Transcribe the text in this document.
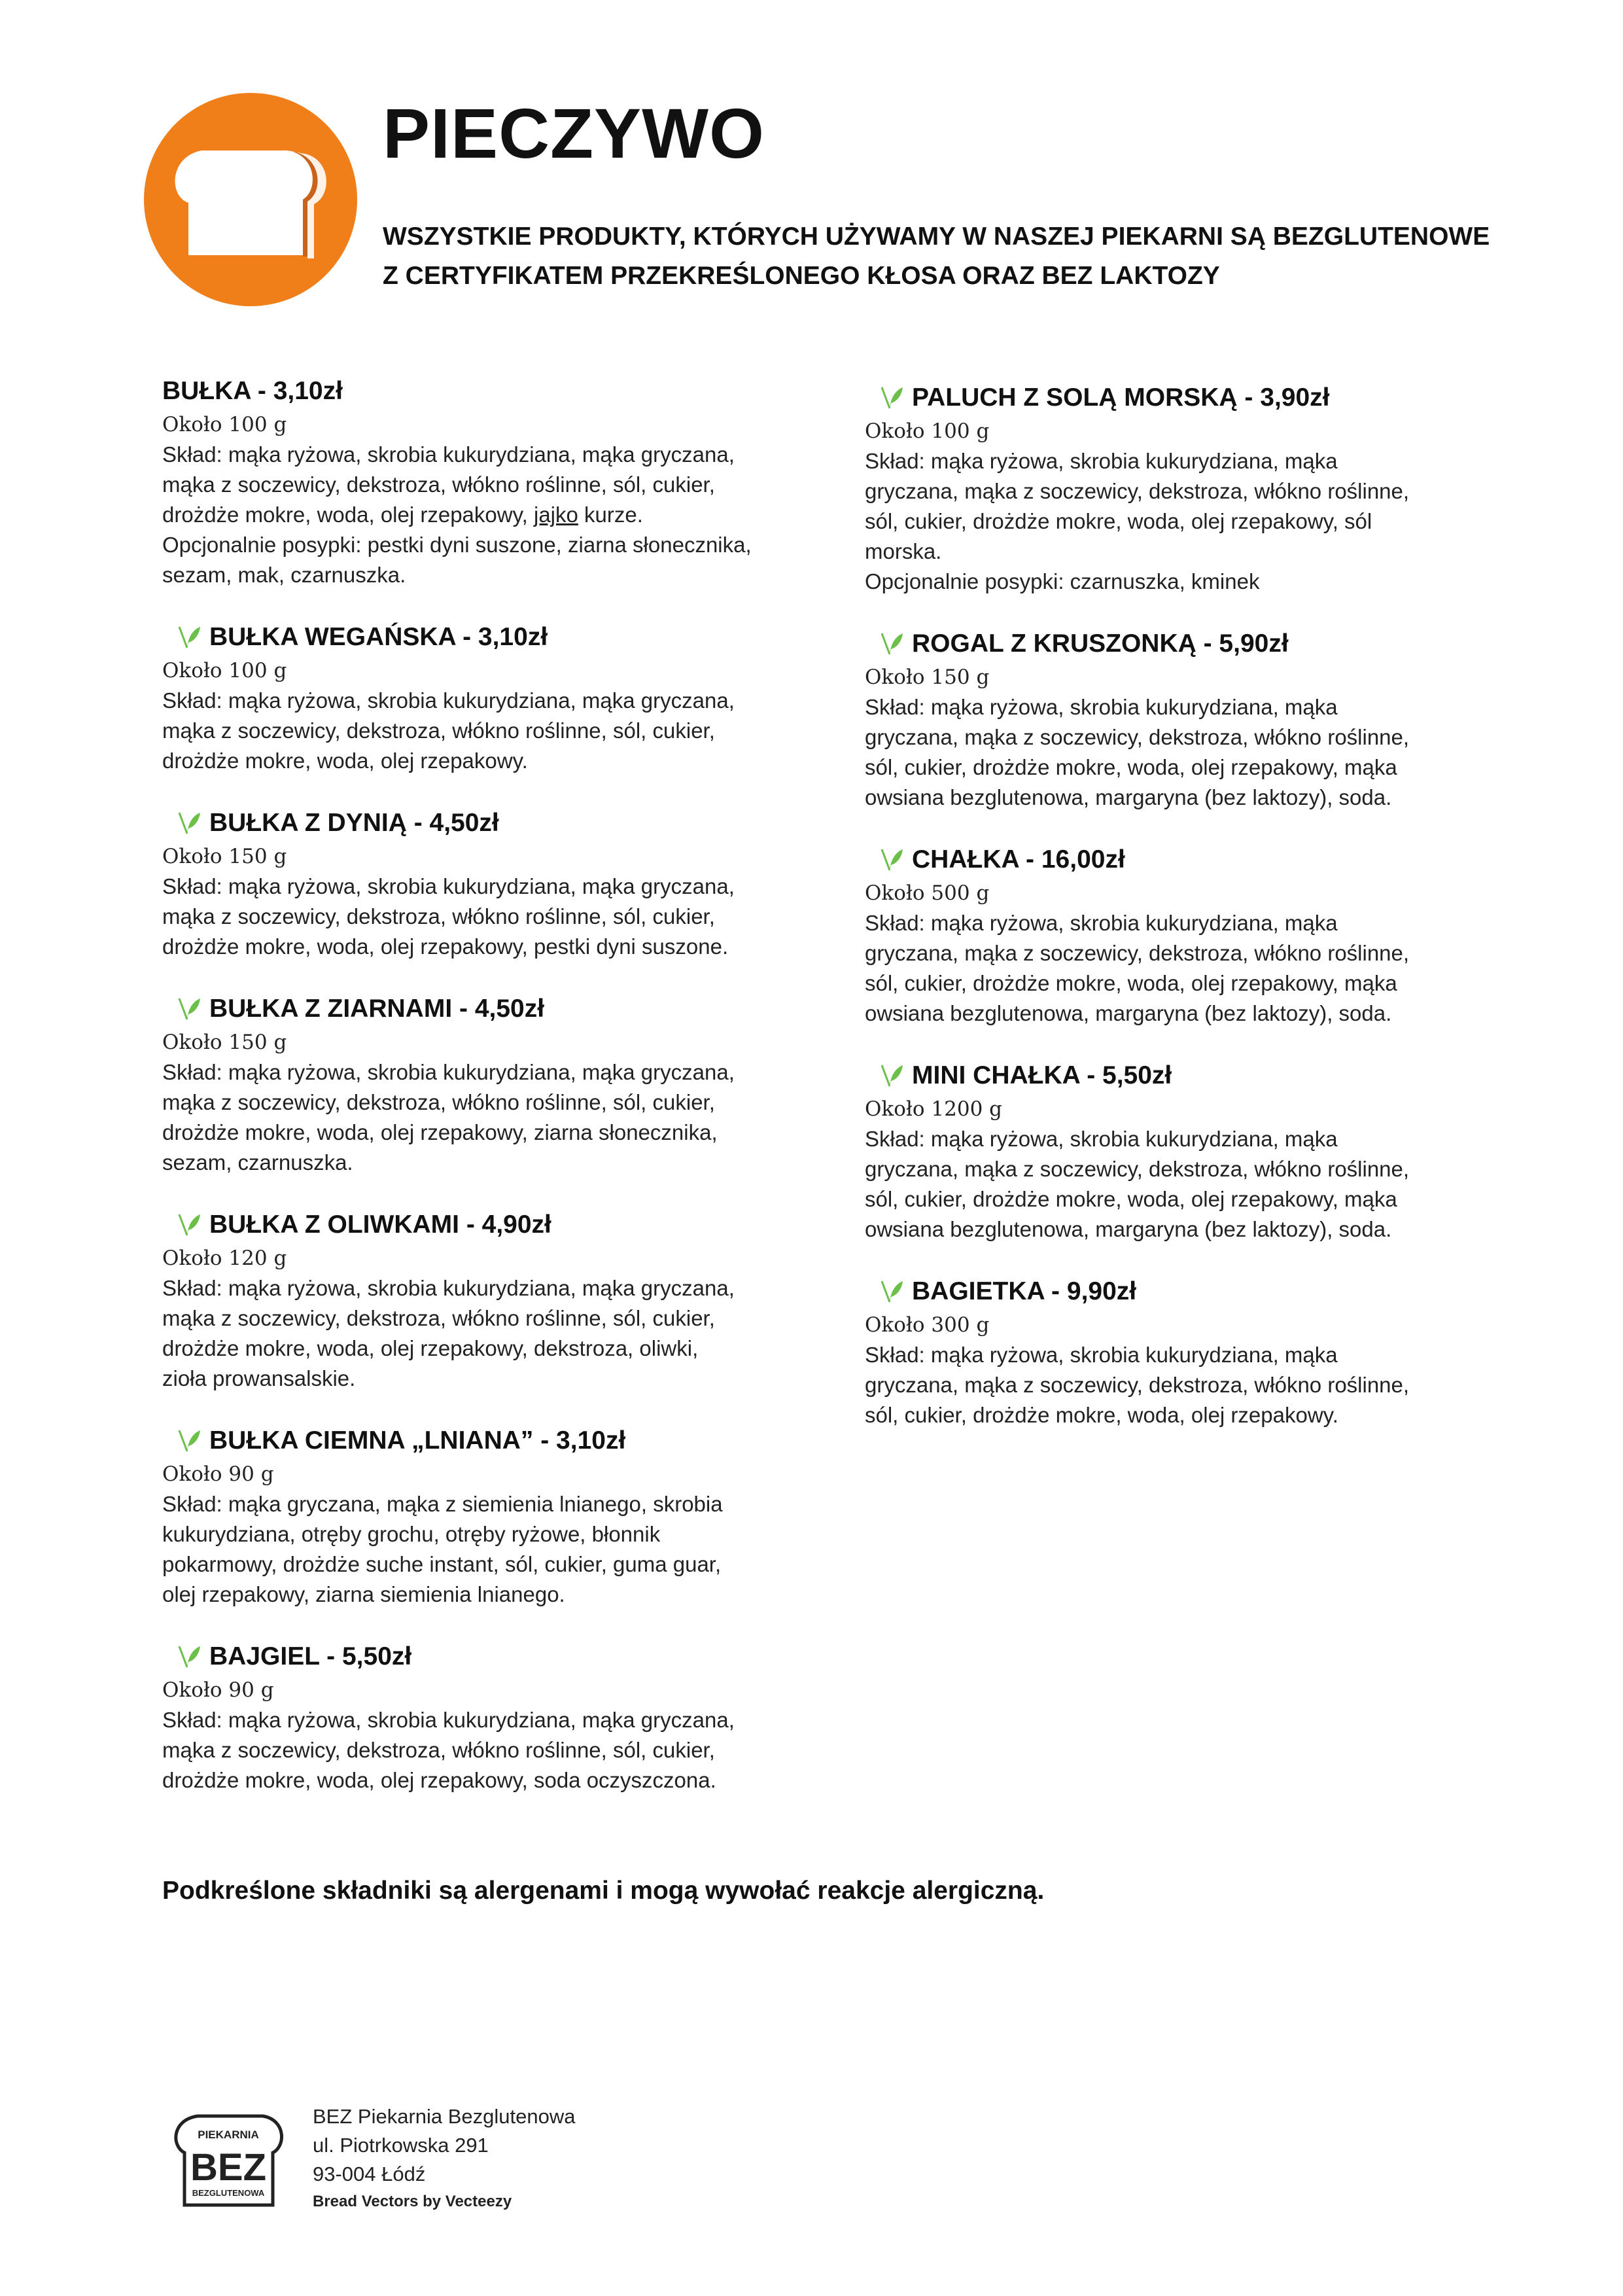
PIECZYWO
WSZYSTKIE PRODUKTY, KTÓRYCH UŻYWAMY W NASZEJ PIEKARNI SĄ BEZGLUTENOWE
Z CERTYFIKATEM PRZEKREŚLONEGO KŁOSA ORAZ BEZ LAKTOZY
BUŁKA - 3,10zł
Około 100 g
Skład: mąka ryżowa, skrobia kukurydziana, mąka gryczana,
mąka z soczewicy, dekstroza, włókno roślinne, sól, cukier,
drożdże mokre, woda, olej rzepakowy, jajko kurze.
Opcjonalnie posypki: pestki dyni suszone, ziarna słonecznika,
sezam, mak, czarnuszka.
BUŁKA WEGAŃSKA - 3,10zł
Około 100 g
Skład: mąka ryżowa, skrobia kukurydziana, mąka gryczana,
mąka z soczewicy, dekstroza, włókno roślinne, sól, cukier,
drożdże mokre, woda, olej rzepakowy.
BUŁKA Z DYNIĄ - 4,50zł
Około 150 g
Skład: mąka ryżowa, skrobia kukurydziana, mąka gryczana,
mąka z soczewicy, dekstroza, włókno roślinne, sól, cukier,
drożdże mokre, woda, olej rzepakowy, pestki dyni suszone.
BUŁKA Z ZIARNAMI - 4,50zł
Około 150 g
Skład: mąka ryżowa, skrobia kukurydziana, mąka gryczana,
mąka z soczewicy, dekstroza, włókno roślinne, sól, cukier,
drożdże mokre, woda, olej rzepakowy, ziarna słonecznika,
sezam, czarnuszka.
BUŁKA Z OLIWKAMI - 4,90zł
Około 120 g
Skład: mąka ryżowa, skrobia kukurydziana, mąka gryczana,
mąka z soczewicy, dekstroza, włókno roślinne, sól, cukier,
drożdże mokre, woda, olej rzepakowy, dekstroza, oliwki,
zioła prowansalskie.
BUŁKA CIEMNA „LNIANA” - 3,10zł
Około 90 g
Skład: mąka gryczana, mąka z siemienia lnianego, skrobia
kukurydziana, otręby grochu, otręby ryżowe, błonnik
pokarmowy, drożdże suche instant, sól, cukier, guma guar,
olej rzepakowy, ziarna siemienia lnianego.
BAJGIEL - 5,50zł
Około 90 g
Skład: mąka ryżowa, skrobia kukurydziana, mąka gryczana,
mąka z soczewicy, dekstroza, włókno roślinne, sól, cukier,
drożdże mokre, woda, olej rzepakowy, soda oczyszczona.
PALUCH Z SOLĄ MORSKĄ - 3,90zł
Około 100 g
Skład: mąka ryżowa, skrobia kukurydziana, mąka
gryczana, mąka z soczewicy, dekstroza, włókno roślinne,
sól, cukier, drożdże mokre, woda, olej rzepakowy, sól
morska.
Opcjonalnie posypki: czarnuszka, kminek
ROGAL Z KRUSZONKĄ - 5,90zł
Około 150 g
Skład: mąka ryżowa, skrobia kukurydziana, mąka
gryczana, mąka z soczewicy, dekstroza, włókno roślinne,
sól, cukier, drożdże mokre, woda, olej rzepakowy, mąka
owsiana bezglutenowa, margaryna (bez laktozy), soda.
CHAŁKA - 16,00zł
Około 500 g
Skład: mąka ryżowa, skrobia kukurydziana, mąka
gryczana, mąka z soczewicy, dekstroza, włókno roślinne,
sól, cukier, drożdże mokre, woda, olej rzepakowy, mąka
owsiana bezglutenowa, margaryna (bez laktozy), soda.
MINI CHAŁKA - 5,50zł
Około 1200 g
Skład: mąka ryżowa, skrobia kukurydziana, mąka
gryczana, mąka z soczewicy, dekstroza, włókno roślinne,
sól, cukier, drożdże mokre, woda, olej rzepakowy, mąka
owsiana bezglutenowa, margaryna (bez laktozy), soda.
BAGIETKA - 9,90zł
Około 300 g
Skład: mąka ryżowa, skrobia kukurydziana, mąka
gryczana, mąka z soczewicy, dekstroza, włókno roślinne,
sól, cukier, drożdże mokre, woda, olej rzepakowy.
Podkreślone składniki są alergenami i mogą wywołać reakcje alergiczną.
PIEKARNIA
BEZ
BEZGLUTENOWA
BEZ Piekarnia Bezglutenowa
ul. Piotrkowska 291
93-004 Łódź
Bread Vectors by Vecteezy
